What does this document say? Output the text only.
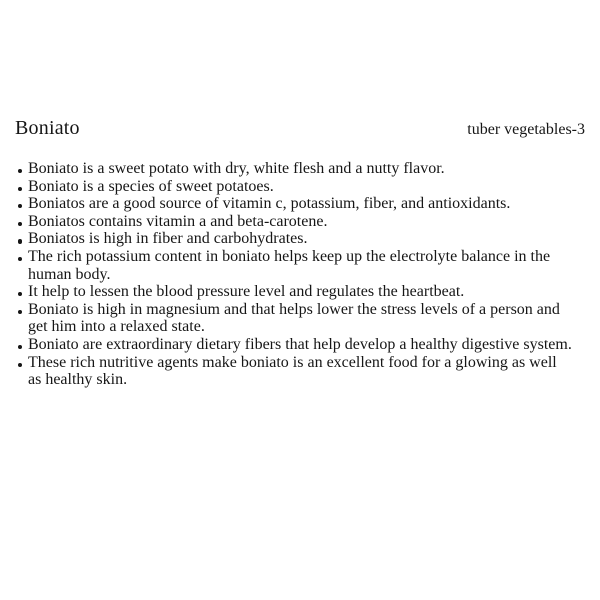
Boniato	tuber vegetables-3
Boniato is a sweet potato with dry, white flesh and a nutty flavor.
Boniato is a species of sweet potatoes.
Boniatos are a good source of vitamin c, potassium, fiber, and antioxidants.
Boniatos contains vitamin a and beta-carotene.
Boniatos is high in fiber and carbohydrates.
The rich potassium content in boniato helps keep up the electrolyte balance in the human body.
It help to lessen the blood pressure level and regulates the heartbeat.
Boniato is high in magnesium and that helps lower the stress levels of a person and get him into a relaxed state.
Boniato are extraordinary dietary fibers that help develop a healthy digestive system.
These rich nutritive agents make boniato is an excellent food for a glowing as well as healthy skin.
